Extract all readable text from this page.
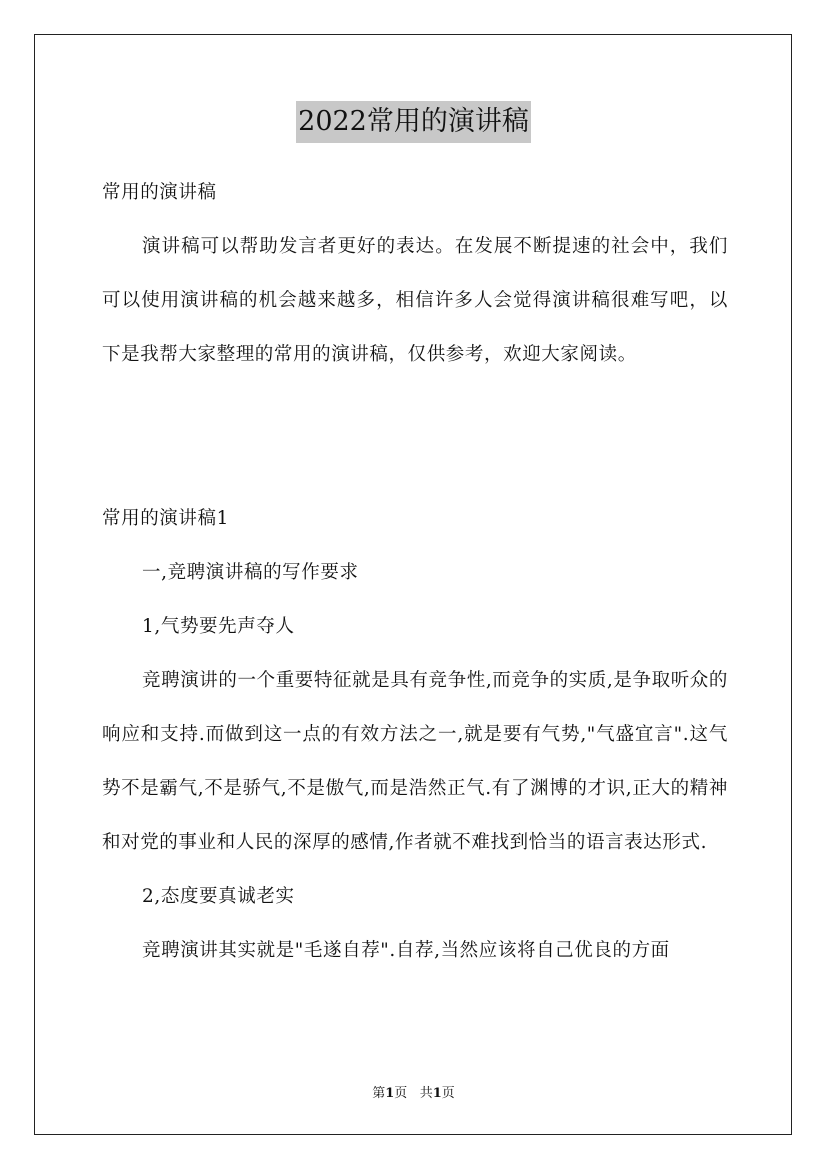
2022常用的演讲稿

常用的演讲稿

演讲稿可以帮助发言者更好的表达。在发展不断提速的社会中，我们可以使用演讲稿的机会越来越多，相信许多人会觉得演讲稿很难写吧，以下是我帮大家整理的常用的演讲稿，仅供参考，欢迎大家阅读。

常用的演讲稿1

一,竞聘演讲稿的写作要求

1,气势要先声夺人

竞聘演讲的一个重要特征就是具有竞争性,而竞争的实质,是争取听众的响应和支持.而做到这一点的有效方法之一,就是要有气势,"气盛宜言".这气势不是霸气,不是骄气,不是傲气,而是浩然正气.有了渊博的才识,正大的精神和对党的事业和人民的深厚的感情,作者就不难找到恰当的语言表达形式.

2,态度要真诚老实

竞聘演讲其实就是"毛遂自荐".自荐,当然应该将自己优良的方面

第1页 共1页
